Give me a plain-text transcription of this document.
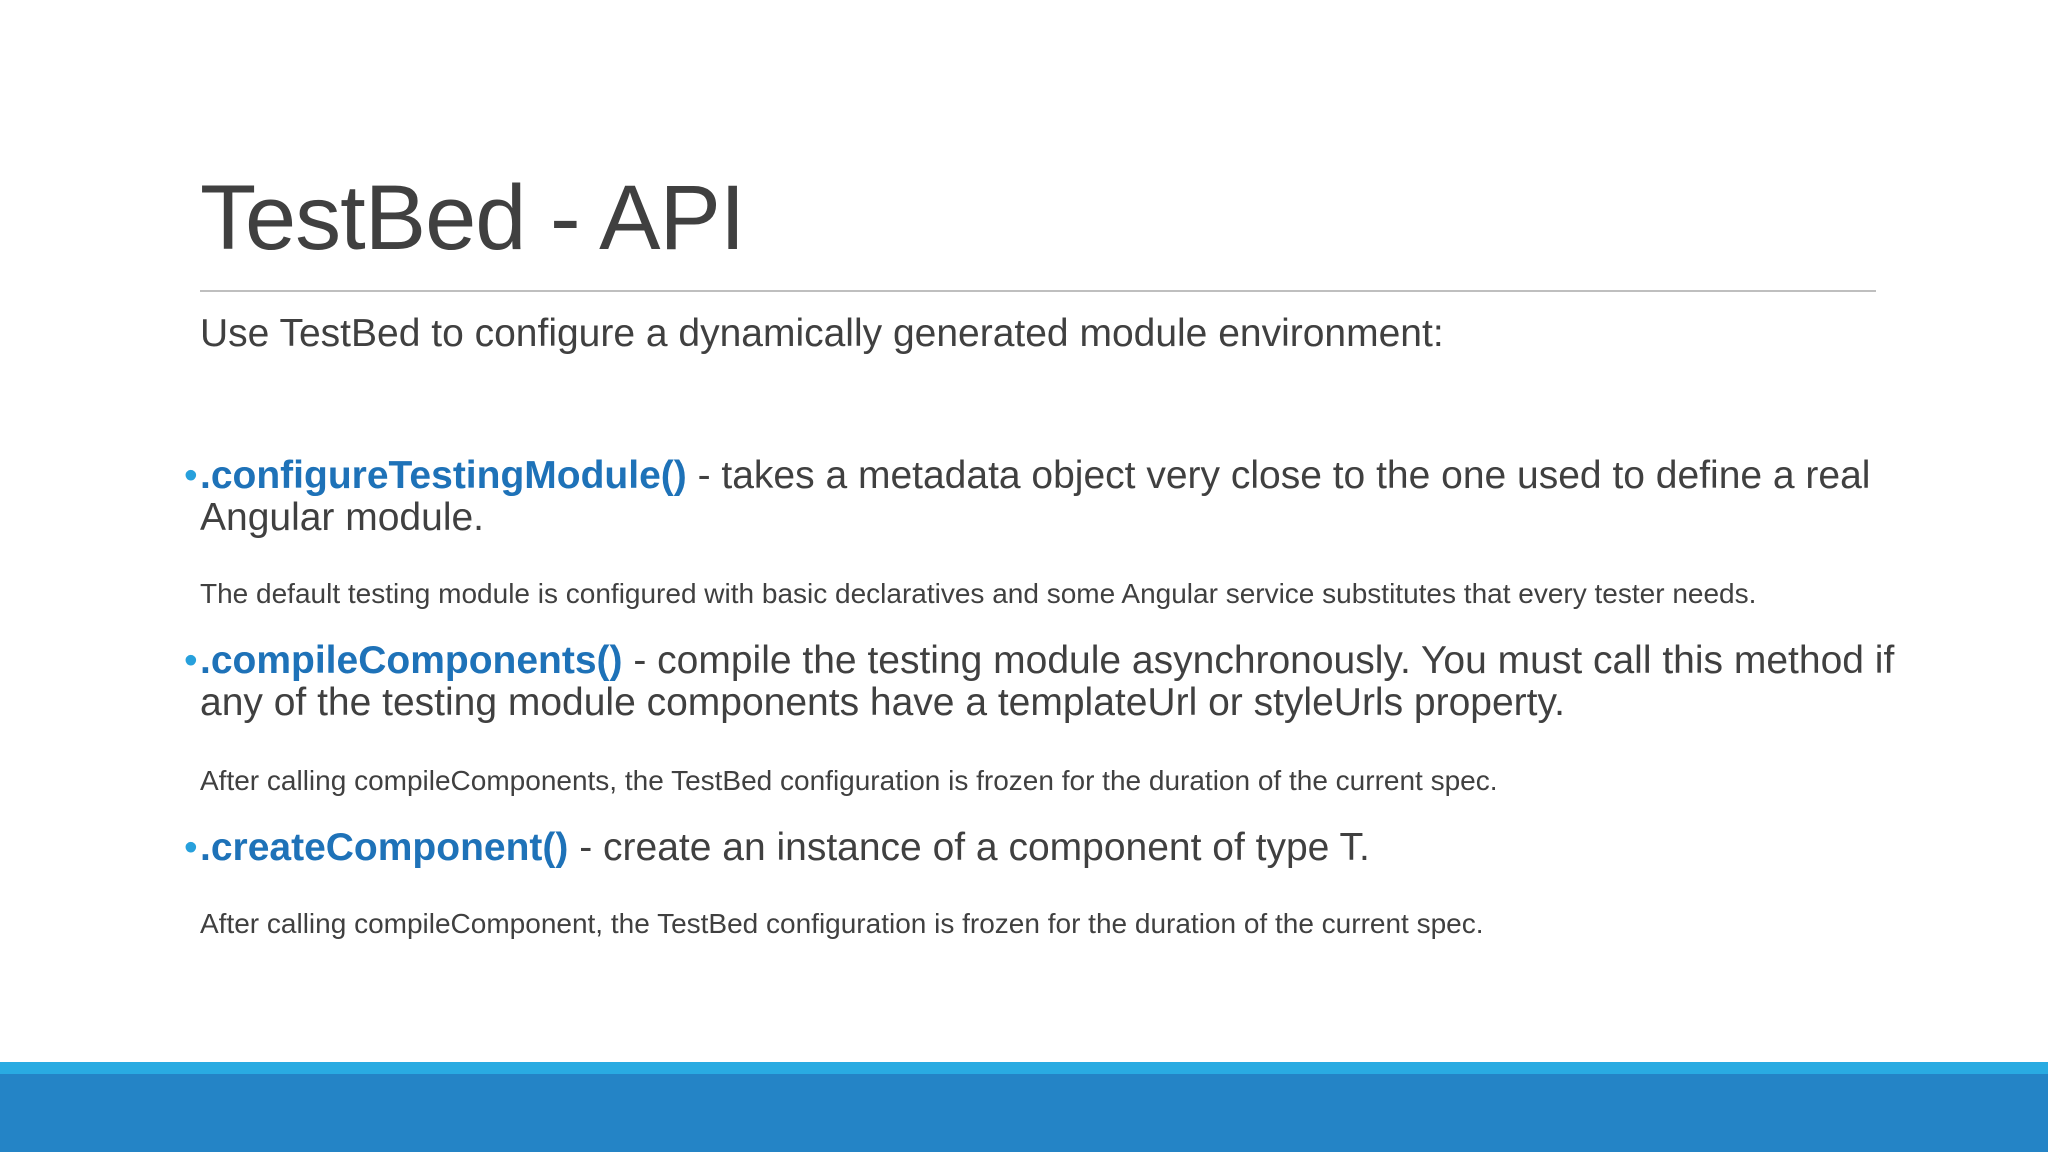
TestBed - API
Use TestBed to configure a dynamically generated module environment:
• .configureTestingModule() - takes a metadata object very close to the one used to define a real Angular module.
The default testing module is configured with basic declaratives and some Angular service substitutes that every tester needs.
• .compileComponents() - compile the testing module asynchronously. You must call this method if any of the testing module components have a templateUrl or styleUrls property.
After calling compileComponents, the TestBed configuration is frozen for the duration of the current spec.
• .createComponent() - create an instance of a component of type T.
After calling compileComponent, the TestBed configuration is frozen for the duration of the current spec.
